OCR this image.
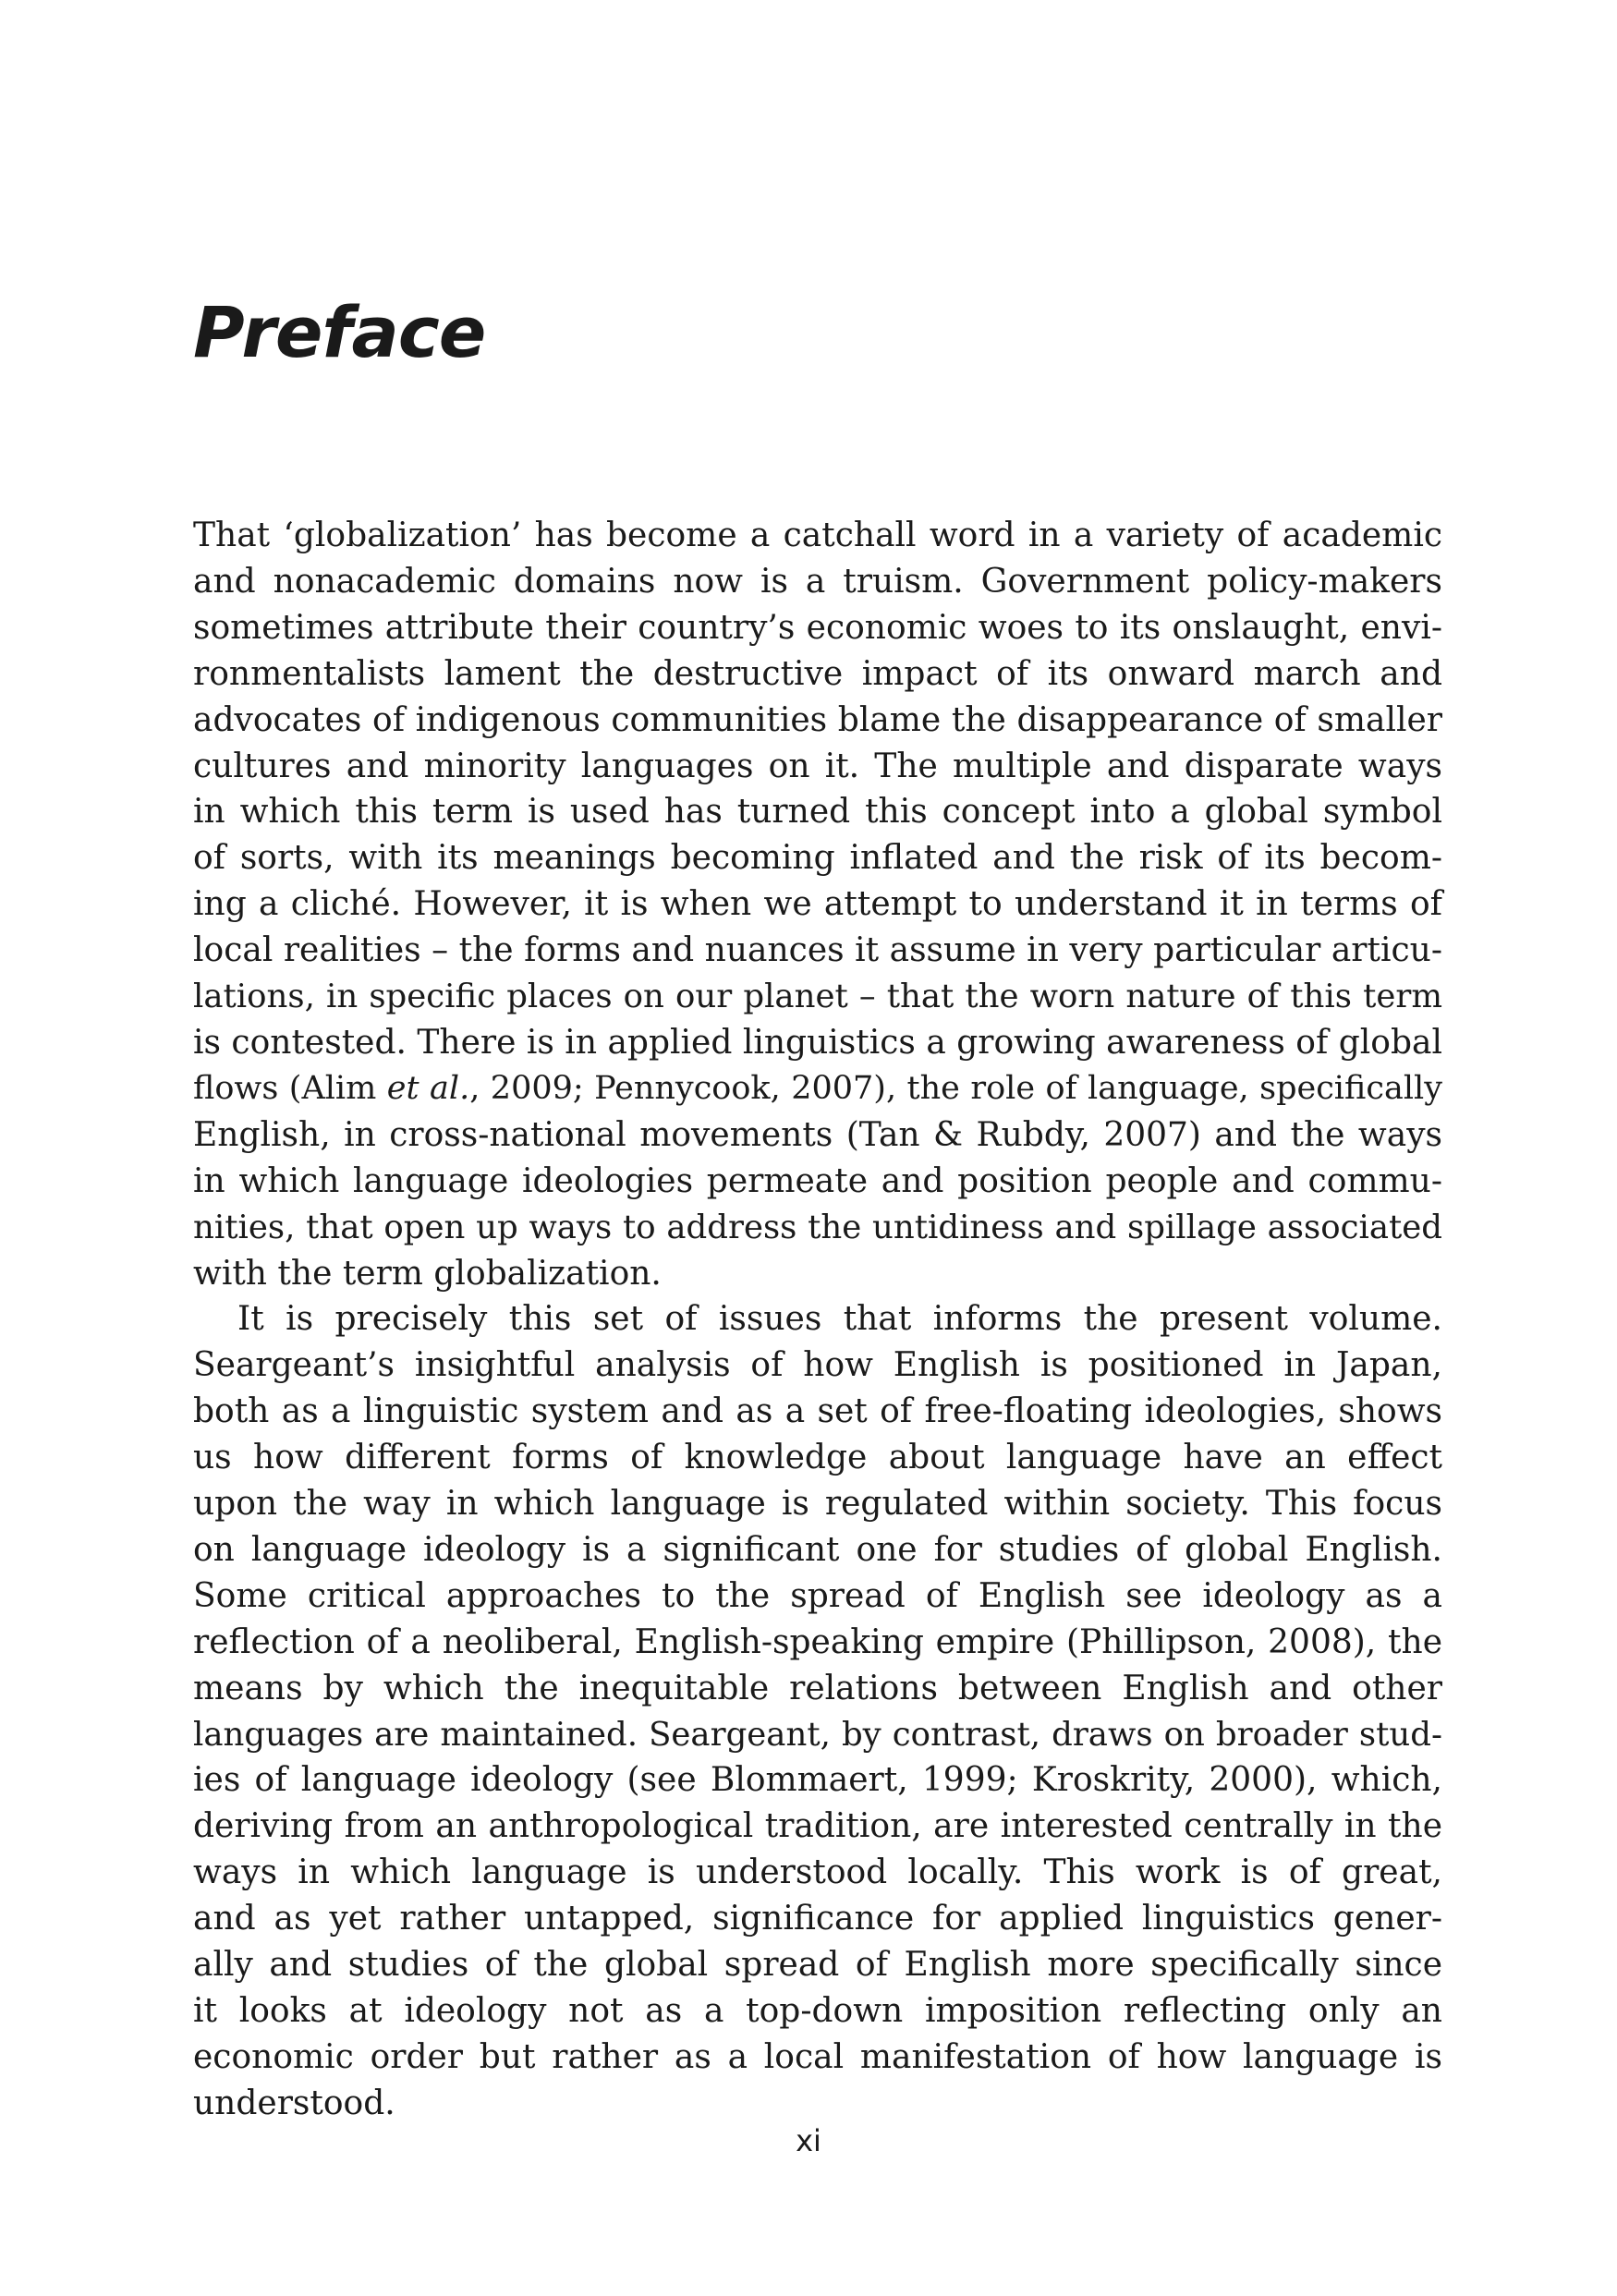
Preface
That ‘globalization’ has become a catchall word in a variety of academic
and nonacademic domains now is a truism. Government policy-makers
sometimes attribute their country’s economic woes to its onslaught, envi-
ronmentalists lament the destructive impact of its onward march and
advocates of indigenous communities blame the disappearance of smaller
cultures and minority languages on it. The multiple and disparate ways
in which this term is used has turned this concept into a global symbol
of sorts, with its meanings becoming inflated and the risk of its becom-
ing a cliché. However, it is when we attempt to understand it in terms of
local realities – the forms and nuances it assume in very particular articu-
lations, in specific places on our planet – that the worn nature of this term
is contested. There is in applied linguistics a growing awareness of global
flows (Alim et al., 2009; Pennycook, 2007), the role of language, specifically
English, in cross-national movements (Tan & Rubdy, 2007) and the ways
in which language ideologies permeate and position people and commu-
nities, that open up ways to address the untidiness and spillage associated
with the term globalization.
It is precisely this set of issues that informs the present volume.
Seargeant’s insightful analysis of how English is positioned in Japan,
both as a linguistic system and as a set of free-floating ideologies, shows
us how different forms of knowledge about language have an effect
upon the way in which language is regulated within society. This focus
on language ideology is a significant one for studies of global English.
Some critical approaches to the spread of English see ideology as a
reflection of a neoliberal, English-speaking empire (Phillipson, 2008), the
means by which the inequitable relations between English and other
languages are maintained. Seargeant, by contrast, draws on broader stud-
ies of language ideology (see Blommaert, 1999; Kroskrity, 2000), which,
deriving from an anthropological tradition, are interested centrally in the
ways in which language is understood locally. This work is of great,
and as yet rather untapped, significance for applied linguistics gener-
ally and studies of the global spread of English more specifically since
it looks at ideology not as a top-down imposition reflecting only an
economic order but rather as a local manifestation of how language is
understood.
xi
